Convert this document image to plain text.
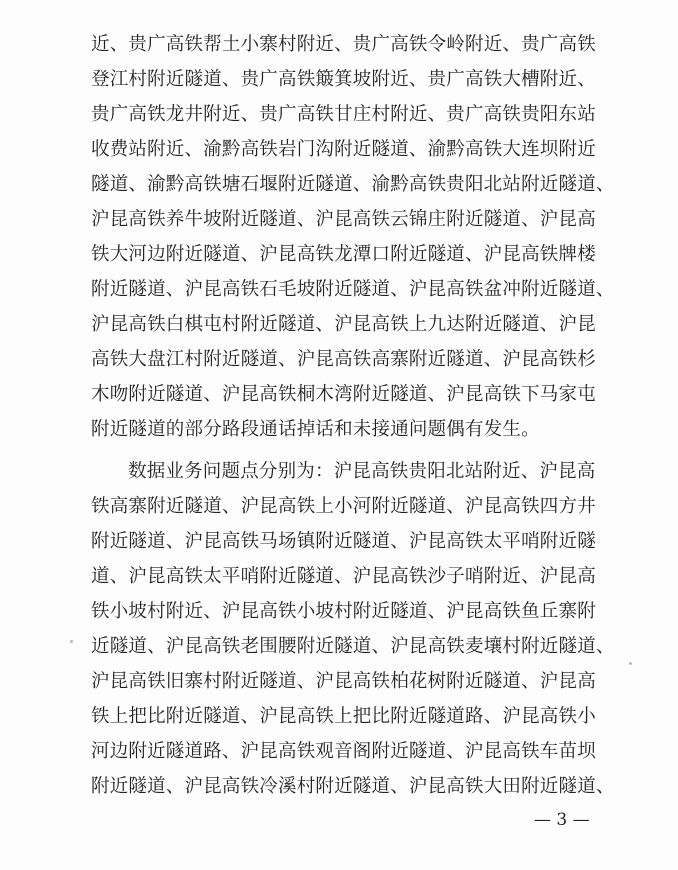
近、贵广高铁帮土小寨村附近、贵广高铁令岭附近、贵广高铁
登江村附近隧道、贵广高铁簸箕坡附近、贵广高铁大槽附近、
贵广高铁龙井附近、贵广高铁甘庄村附近、贵广高铁贵阳东站
收费站附近、渝黔高铁岩门沟附近隧道、渝黔高铁大连坝附近
隧道、渝黔高铁塘石堰附近隧道、渝黔高铁贵阳北站附近隧道、
沪昆高铁养牛坡附近隧道、沪昆高铁云锦庄附近隧道、沪昆高
铁大河边附近隧道、沪昆高铁龙潭口附近隧道、沪昆高铁牌楼
附近隧道、沪昆高铁石毛坡附近隧道、沪昆高铁盆冲附近隧道、
沪昆高铁白棋屯村附近隧道、沪昆高铁上九达附近隧道、沪昆
高铁大盘江村附近隧道、沪昆高铁高寨附近隧道、沪昆高铁杉
木吻附近隧道、沪昆高铁桐木湾附近隧道、沪昆高铁下马家屯
附近隧道的部分路段通话掉话和未接通问题偶有发生。
数据业务问题点分别为：沪昆高铁贵阳北站附近、沪昆高
铁高寨附近隧道、沪昆高铁上小河附近隧道、沪昆高铁四方井
附近隧道、沪昆高铁马场镇附近隧道、沪昆高铁太平哨附近隧
道、沪昆高铁太平哨附近隧道、沪昆高铁沙子哨附近、沪昆高
铁小坡村附近、沪昆高铁小坡村附近隧道、沪昆高铁鱼丘寨附
近隧道、沪昆高铁老围腰附近隧道、沪昆高铁麦壤村附近隧道、
沪昆高铁旧寨村附近隧道、沪昆高铁柏花树附近隧道、沪昆高
铁上把比附近隧道、沪昆高铁上把比附近隧道路、沪昆高铁小
河边附近隧道路、沪昆高铁观音阁附近隧道、沪昆高铁车苗坝
附近隧道、沪昆高铁冷溪村附近隧道、沪昆高铁大田附近隧道、
— 3 —
